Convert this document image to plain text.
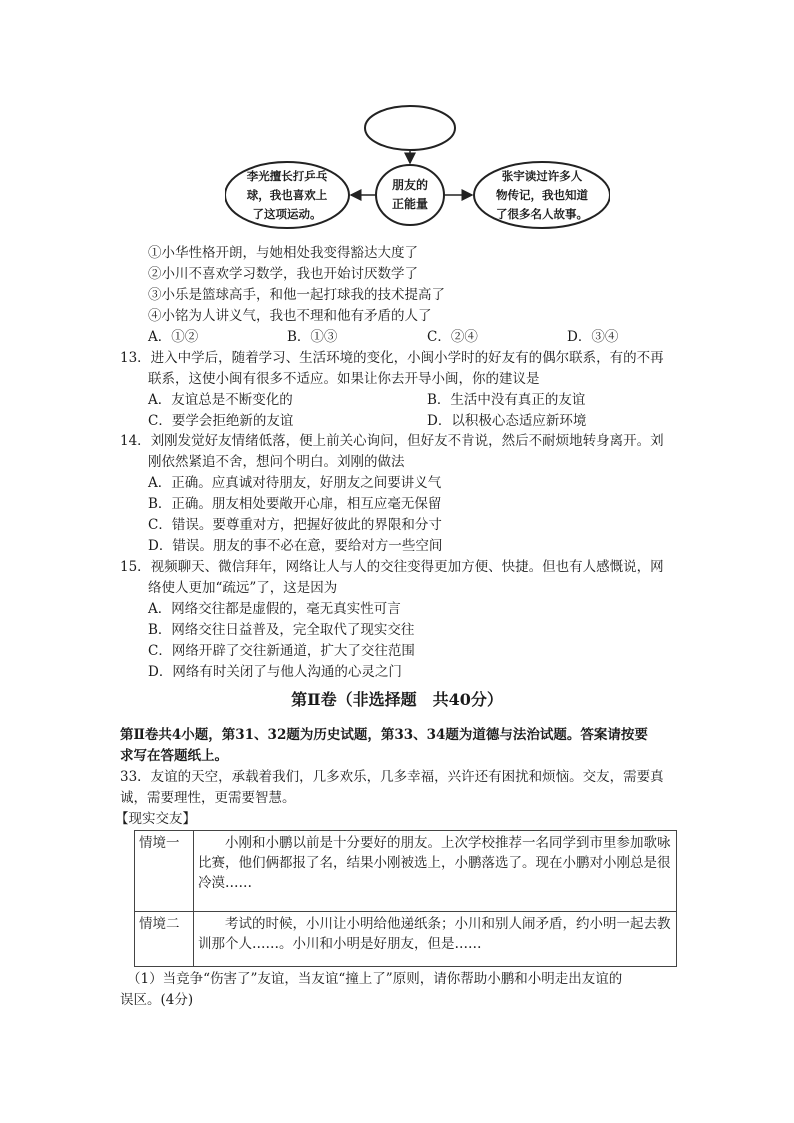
朋友的
正能量
李光擅长打乒乓
球，我也喜欢上
了这项运动。
张宇读过许多人
物传记，我也知道
了很多名人故事。
①小华性格开朗，与她相处我变得豁达大度了
②小川不喜欢学习数学，我也开始讨厌数学了
③小乐是篮球高手，和他一起打球我的技术提高了
④小铭为人讲义气，我也不理和他有矛盾的人了
A．①②	B．①③	C．②④	D．③④
13．进入中学后，随着学习、生活环境的变化，小闽小学时的好友有的偶尔联系，有的不再
联系，这使小闽有很多不适应。如果让你去开导小闽，你的建议是
A．友谊总是不断变化的	B．生活中没有真正的友谊
C．要学会拒绝新的友谊	D．以积极心态适应新环境
14．刘刚发觉好友情绪低落，便上前关心询问，但好友不肯说，然后不耐烦地转身离开。刘
刚依然紧追不舍，想问个明白。刘刚的做法
A．正确。应真诚对待朋友，好朋友之间要讲义气
B．正确。朋友相处要敞开心扉，相互应毫无保留
C．错误。要尊重对方，把握好彼此的界限和分寸
D．错误。朋友的事不必在意，要给对方一些空间
15．视频聊天、微信拜年，网络让人与人的交往变得更加方便、快捷。但也有人感慨说，网
络使人更加“疏远”了，这是因为
A．网络交往都是虚假的，毫无真实性可言
B．网络交往日益普及，完全取代了现实交往
C．网络开辟了交往新通道，扩大了交往范围
D．网络有时关闭了与他人沟通的心灵之门
第Ⅱ卷（非选择题　共40分）
第Ⅱ卷共4小题，第31、32题为历史试题，第33、34题为道德与法治试题。答案请按要
求写在答题纸上。
33．友谊的天空，承载着我们，几多欢乐，几多幸福，兴许还有困扰和烦恼。交友，需要真
诚，需要理性，更需要智慧。
【现实交友】
情境一	　　小刚和小鹏以前是十分要好的朋友。上次学校推荐一名同学到市里参加歌咏比赛，他们俩都报了名，结果小刚被选上，小鹏落选了。现在小鹏对小刚总是很冷漠……
情境二	　　考试的时候，小川让小明给他递纸条；小川和别人闹矛盾，约小明一起去教训那个人……。小川和小明是好朋友，但是……
（1）当竞争“伤害了”友谊，当友谊“撞上了”原则，请你帮助小鹏和小明走出友谊的
误区。(4分)
